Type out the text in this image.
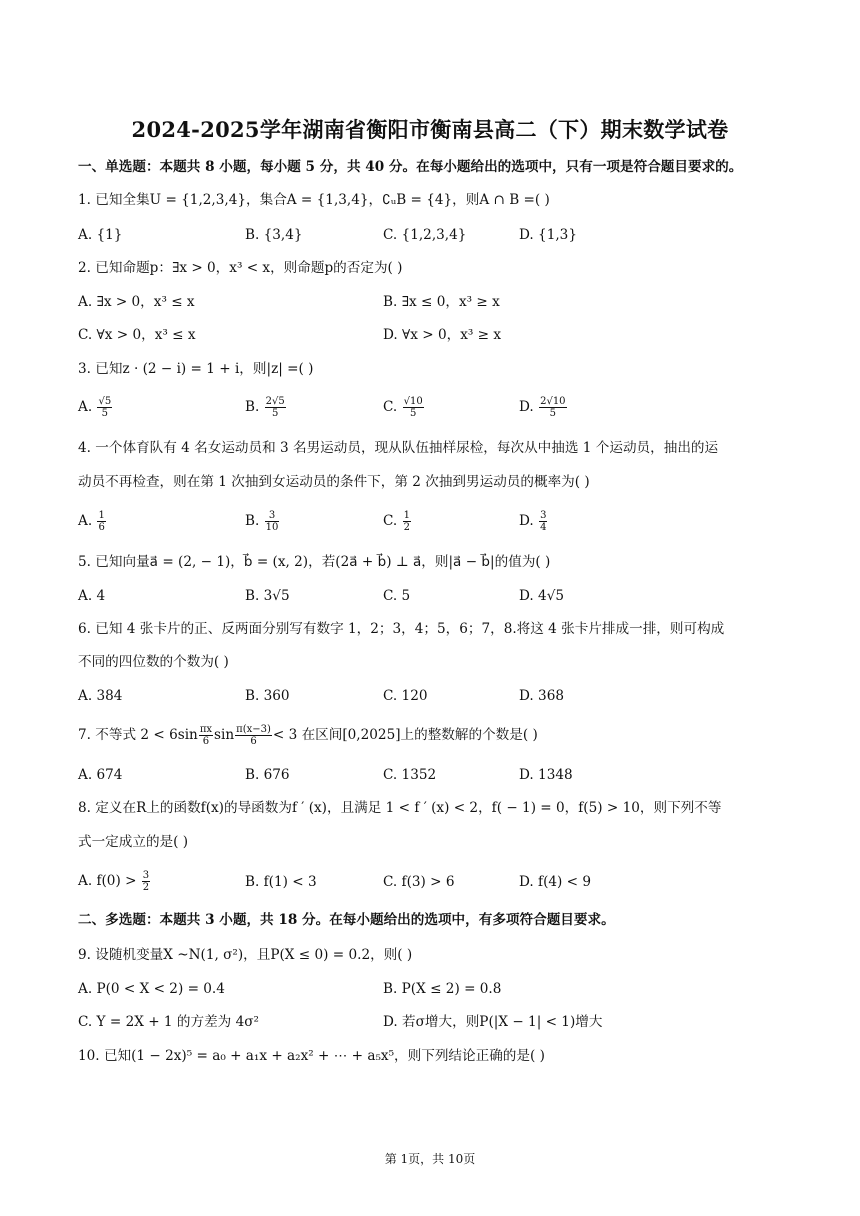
2024-2025学年湖南省衡阳市衡南县高二（下）期末数学试卷
一、单选题：本题共 8 小题，每小题 5 分，共 40 分。在每小题给出的选项中，只有一项是符合题目要求的。
1. 已知全集U = {1,2,3,4}，集合A = {1,3,4}，∁ᵤB = {4}，则A ∩ B =( )
A. {1}	B. {3,4}	C. {1,2,3,4}	D. {1,3}
2. 已知命题p：∃x > 0，x³ < x，则命题p的否定为( )
A. ∃x > 0，x³ ≤ x	B. ∃x ≤ 0，x³ ≥ x
C. ∀x > 0，x³ ≤ x	D. ∀x > 0，x³ ≥ x
3. 已知z · (2 − i) = 1 + i，则|z| =( )
A. $\frac{√5}{5}$	B. $\frac{2√5}{5}$	C. $\frac{√10}{5}$	D. $\frac{2√10}{5}$
4. 一个体育队有 4 名女运动员和 3 名男运动员，现从队伍抽样尿检，每次从中抽选 1 个运动员，抽出的运
动员不再检查，则在第 1 次抽到女运动员的条件下，第 2 次抽到男运动员的概率为( )
A. $\frac{1}{6}$	B. $\frac{3}{10}$	C. $\frac{1}{2}$	D. $\frac{3}{4}$
5. 已知向量a⃗ = (2, − 1)，b⃗ = (x, 2)，若(2a⃗ + b⃗) ⊥ a⃗，则|a⃗ − b⃗|的值为( )
A. 4	B. 3√5	C. 5	D. 4√5
6. 已知 4 张卡片的正、反两面分别写有数字 1，2；3，4；5，6；7，8.将这 4 张卡片排成一排，则可构成
不同的四位数的个数为( )
A. 384	B. 360	C. 120	D. 368
7. 不等式 $2 < 6\sin \frac{\pi x}{6}$ $\sin \frac{\pi(x-3)}{6} < 3$ 在区间[0,2025]上的整数解的个数是( )
A. 674	B. 676	C. 1352	D. 1348
8. 定义在R上的函数f(x)的导函数为f ′ (x)，且满足 1 < f ′ (x) < 2，f( − 1) = 0，f(5) > 10，则下列不等
式一定成立的是( )
A. $f(0) > \frac{3}{2}$	B. f(1) < 3	C. f(3) > 6	D. f(4) < 9
二、多选题：本题共 3 小题，共 18 分。在每小题给出的选项中，有多项符合题目要求。
9. 设随机变量X ~N(1, σ²)，且P(X ≤ 0) = 0.2，则( )
A. P(0 < X < 2) = 0.4	B. P(X ≤ 2) = 0.8
C. Y = 2X + 1 的方差为 4σ²	D. 若σ增大，则P(|X − 1| < 1)增大
10. 已知(1 − 2x)⁵ = a₀ + a₁x + a₂x² + ⋯ + a₅x⁵，则下列结论正确的是( )
第 1页，共 10页
